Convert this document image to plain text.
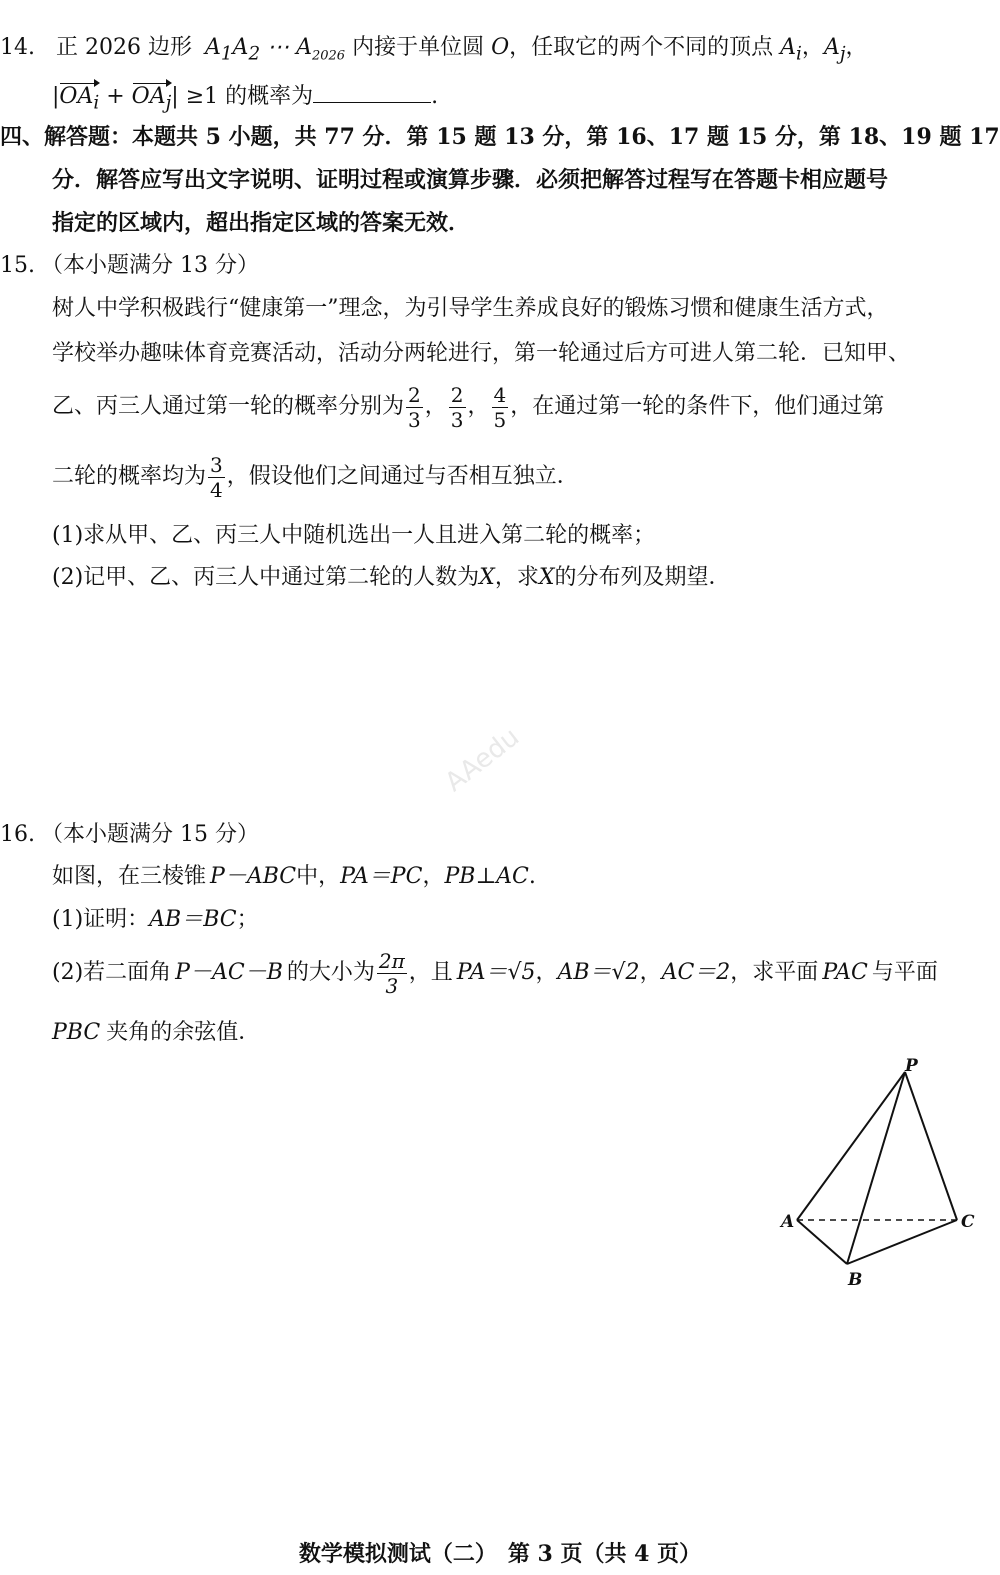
14. 正 2026 边形 $A_1A_2$ ⋯ $A_{2026}$ 内接于单位圆 O，任取它的两个不同的顶点 $A_i$，$A_j$，
$|OA_i + OA_j| \ge 1$ 的概率为	.
四、解答题：本题共 5 小题，共 77 分．第 15 题 13 分，第 16、17 题 15 分，第 18、19 题 17
分．解答应写出文字说明、证明过程或演算步骤．必须把解答过程写在答题卡相应题号
指定的区域内，超出指定区域的答案无效．
15. （本小题满分 13 分）
树人中学积极践行“健康第一”理念，为引导学生养成良好的锻炼习惯和健康生活方式，
学校举办趣味体育竞赛活动，活动分两轮进行，第一轮通过后方可进人第二轮．已知甲、
乙、丙三人通过第一轮的概率分别为 $\frac{2}{3}$ ， $\frac{2}{3}$ ， $\frac{4}{5}$ ，在通过第一轮的条件下，他们通过第
二轮的概率均为 $\frac{3}{4}$ ，假设他们之间通过与否相互独立．
(1)求从甲、乙、丙三人中随机选出一人且进入第二轮的概率；
(2)记甲、乙、丙三人中通过第二轮的人数为X，求X的分布列及期望．
AAedu
16. （本小题满分 15 分）
如图，在三棱锥 P－ABC中，PA＝PC，PB⊥AC.
(1)证明：AB＝BC；
(2)若二面角 P－AC－B 的大小为 $\frac{2\pi}{3}$ ，且 PA＝√5，AB＝√2，AC＝2，求平面 PAC 与平面
PBC 夹角的余弦值．
P
A
B
C
数学模拟测试（二）　第 3 页（共 4 页）
